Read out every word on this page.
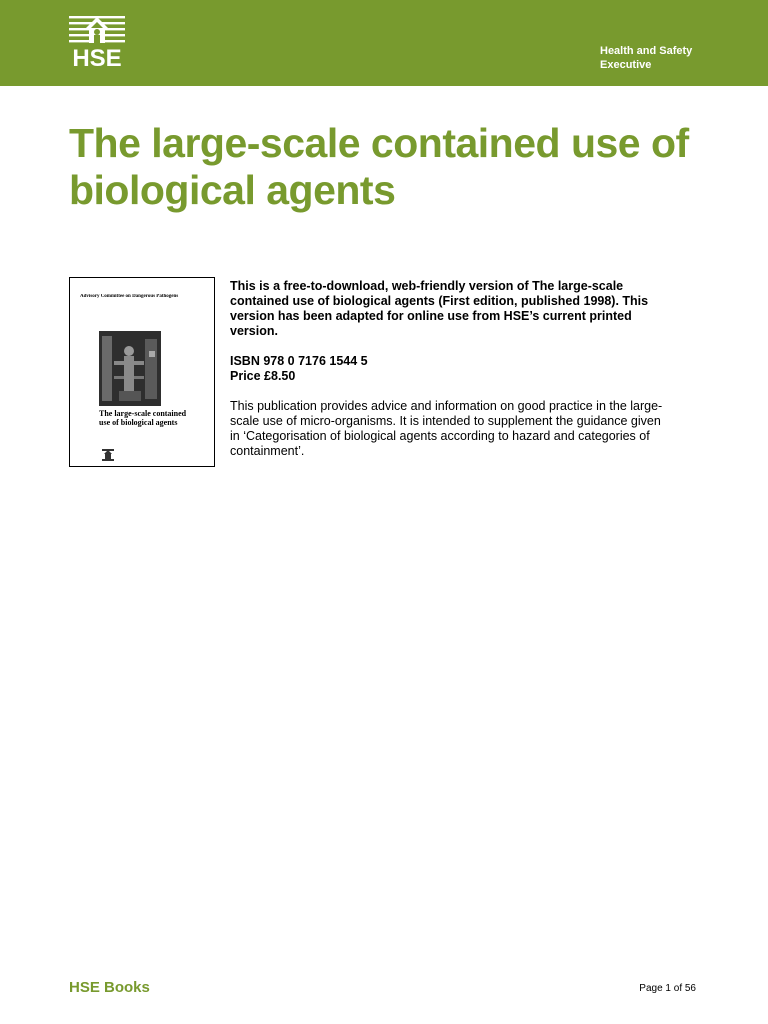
HSE	Health and Safety
Executive
The large-scale contained use of biological agents
Advisory Committee on Dangerous Pathogens
The large-scale contained
use of biological agents

This is a free-to-download, web-friendly version of The large-scale contained use of biological agents (First edition, published 1998). This version has been adapted for online use from HSE’s current printed version.

ISBN 978 0 7176 1544 5

Price £8.50

This publication provides advice and information on good practice in the large-scale use of micro-organisms. It is intended to supplement the guidance given in ‘Categorisation of biological agents according to hazard and categories of containment’.

HSE Books	Page 1 of 56
